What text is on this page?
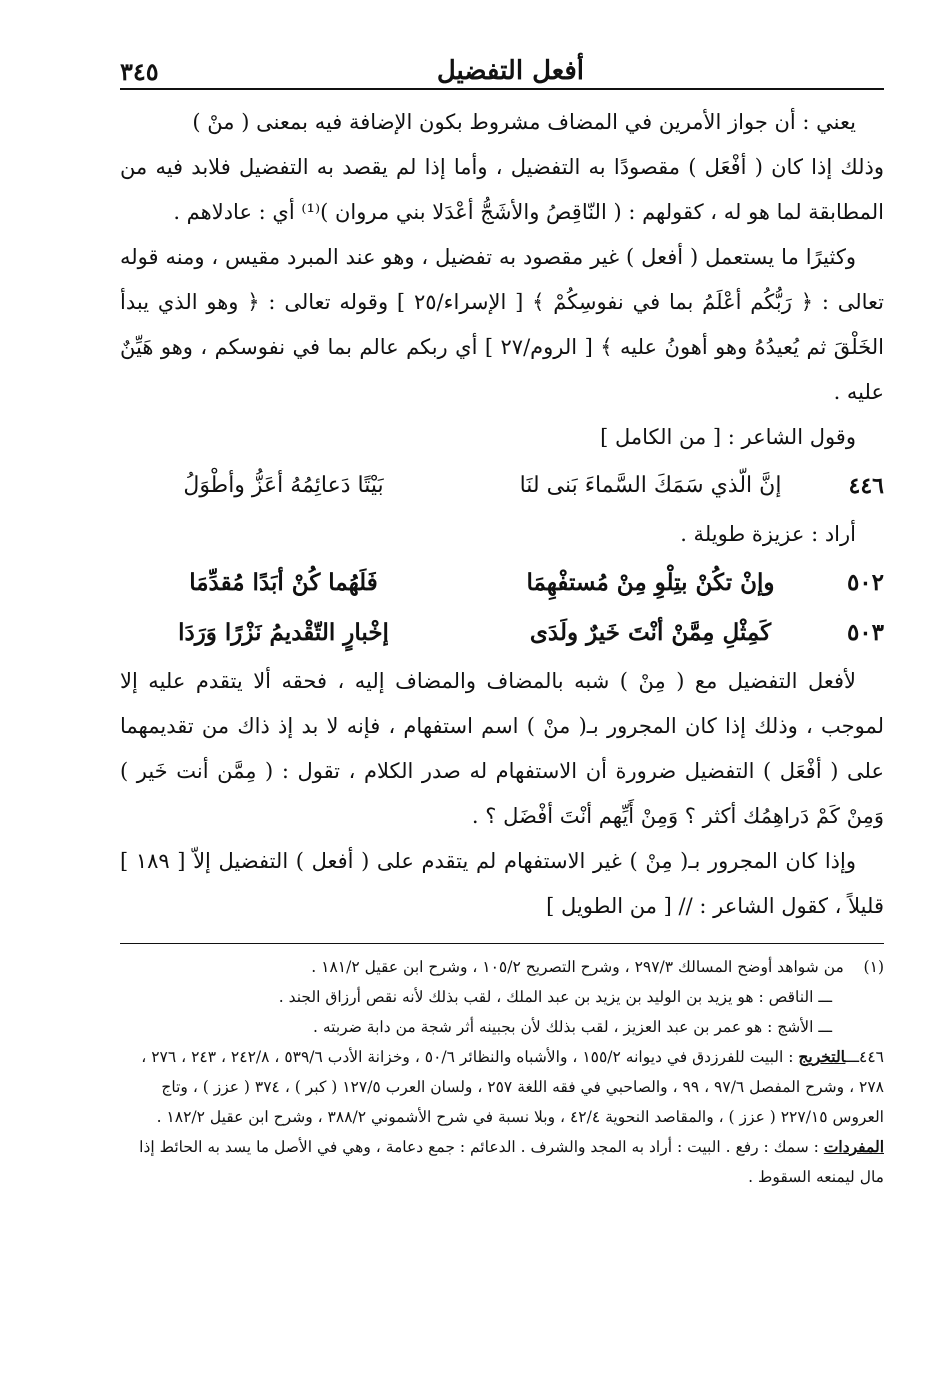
أفعل التفضيل
٣٤٥

يعني : أن جواز الأمرين في المضاف مشروط بكون الإضافة فيه بمعنى ( منْ )

وذلك إذا كان ( أفْعَل ) مقصودًا به التفضيل ، وأما إذا لم يقصد به التفضيل فلابد فيه من المطابقة لما هو له ، كقولهم : ( النّاقِصُ والأشَجُّ أعْدَلا بني مروان )⁽¹⁾ أي : عادلاهم .

وكثيرًا ما يستعمل ( أفعل ) غير مقصود به تفضيل ، وهو عند المبرد مقيس ، ومنه قوله تعالى : ﴿ رَبُّكُم أعْلَمُ بما في نفوسِكُمْ ﴾ [ الإسراء/٢٥ ] وقوله تعالى : ﴿ وهو الذي يبدأ الخَلْقَ ثم يُعيدُهُ وهو أهونُ عليه ﴾ [ الروم/٢٧ ] أي ربكم عالم بما في نفوسكم ، وهو هَيِّنٌ عليه .

وقول الشاعر : [ من الكامل ]

٤٤٦
إنَّ الّذي سَمَكَ السَّماءَ بَنى لنَا
بَيْتًا دَعائِمُهُ أعَزُّ وأطْوَلُ

أراد : عزيزة طويلة .

٥٠٢
وإنْ تكُنْ بتِلْوِ مِنْ مُستفْهِمَا
فَلَهُما كُنْ أبَدًا مُقدِّمَا
٥٠٣
كَمِثْلِ مِمَّنْ أنْتَ خَيرٌ ولَدَى
إخْبارٍ التّقْديمُ نَزْرًا وَرَدَا

لأفعل التفضيل مع ( مِنْ ) شبه بالمضاف والمضاف إليه ، فحقه ألا يتقدم عليه إلا لموجب ، وذلك إذا كان المجرور بـ( منْ ) اسم استفهام ، فإنه لا بد إذ ذاك من تقديمهما على ( أفْعَل ) التفضيل ضرورة أن الاستفهام له صدر الكلام ، تقول : ( مِمَّن أنت خَير ) وَمِنْ كَمْ دَراهِمُك أكثر ؟ وَمِنْ أَيِّهم أنْتَ أفْضَل ؟ .

وإذا كان المجرور بـ( مِنْ ) غير الاستفهام لم يتقدم على ( أفعل ) التفضيل إلاّ [ ١٨٩ ] قليلاً ، كقول الشاعر : // [ من الطويل ]

(١)    من شواهد أوضح المسالك ٢٩٧/٣ ، وشرح التصريح ١٠٥/٢ ، وشرح ابن عقيل ١٨١/٢ .

ـــ الناقص : هو يزيد بن الوليد بن يزيد بن عبد الملك ، لقب بذلك لأنه نقص أرزاق الجند .

ـــ الأشج : هو عمر بن عبد العزيز ، لقب بذلك لأن بجبينه أثر شجة من دابة ضربته .

٤٤٦ـــالتخريج : البيت للفرزدق في ديوانه ١٥٥/٢ ، والأشباه والنظائر ٥٠/٦ ، وخزانة الأدب ٥٣٩/٦ ، ٢٤٢/٨ ، ٢٤٣ ، ٢٧٦ ، ٢٧٨ ، وشرح المفصل ٩٧/٦ ، ٩٩ ، والصاحبي في فقه اللغة ٢٥٧ ، ولسان العرب ١٢٧/٥ ( كبر ) ، ٣٧٤ ( عزز ) ، وتاج العروس ٢٢٧/١٥ ( عزز ) ، والمقاصد النحوية ٤٢/٤ ، وبلا نسبة في شرح الأشموني ٣٨٨/٢ ، وشرح ابن عقيل ١٨٢/٢ .

المفردات : سمك : رفع . البيت : أراد به المجد والشرف . الدعائم : جمع دعامة ، وهي في الأصل ما يسد به الحائط إذا مال ليمنعه السقوط .
